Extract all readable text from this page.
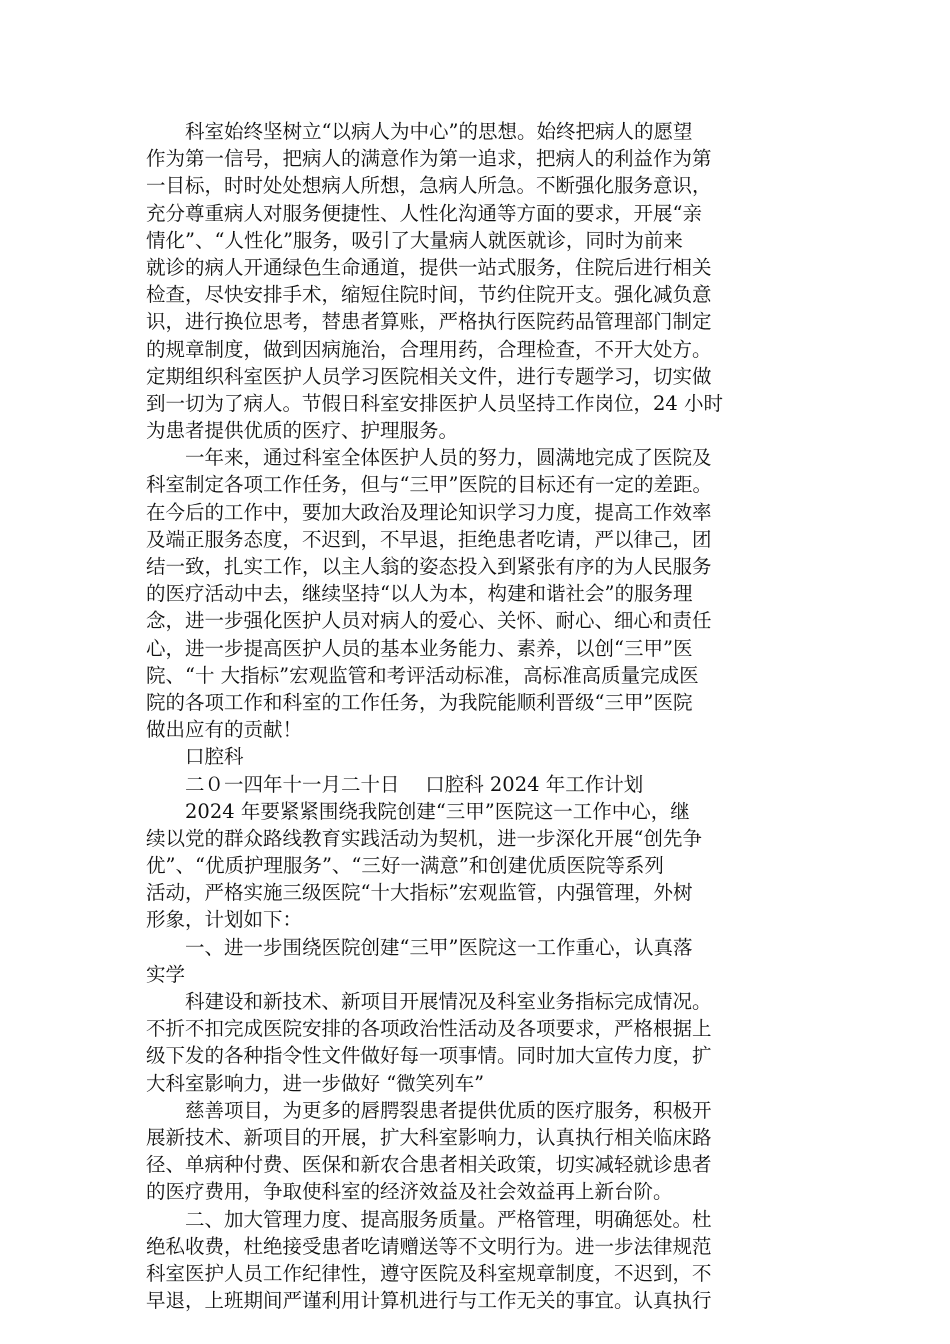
　　科室始终坚树立“以病人为中心”的思想。始终把病人的愿望
作为第一信号，把病人的满意作为第一追求，把病人的利益作为第
一目标，时时处处想病人所想，急病人所急。不断强化服务意识，
充分尊重病人对服务便捷性、人性化沟通等方面的要求，开展“亲
情化”、“人性化”服务，吸引了大量病人就医就诊，同时为前来
就诊的病人开通绿色生命通道，提供一站式服务，住院后进行相关
检查，尽快安排手术，缩短住院时间，节约住院开支。强化减负意
识，进行换位思考，替患者算账，严格执行医院药品管理部门制定
的规章制度，做到因病施治，合理用药，合理检查，不开大处方。
定期组织科室医护人员学习医院相关文件，进行专题学习，切实做
到一切为了病人。节假日科室安排医护人员坚持工作岗位，24 小时
为患者提供优质的医疗、护理服务。
　　一年来，通过科室全体医护人员的努力，圆满地完成了医院及
科室制定各项工作任务，但与“三甲”医院的目标还有一定的差距。
在今后的工作中，要加大政治及理论知识学习力度，提高工作效率
及端正服务态度，不迟到，不早退，拒绝患者吃请，严以律己，团
结一致，扎实工作，以主人翁的姿态投入到紧张有序的为人民服务
的医疗活动中去，继续坚持“以人为本，构建和谐社会”的服务理
念，进一步强化医护人员对病人的爱心、关怀、耐心、细心和责任
心，进一步提高医护人员的基本业务能力、素养，以创“三甲”医
院、“十 大指标”宏观监管和考评活动标准，高标准高质量完成医
院的各项工作和科室的工作任务，为我院能顺利晋级“三甲”医院
做出应有的贡献！
　　口腔科
　　二０一四年十一月二十日　 口腔科 2024 年工作计划
　　2024 年要紧紧围绕我院创建“三甲”医院这一工作中心，继
续以党的群众路线教育实践活动为契机，进一步深化开展“创先争
优”、“优质护理服务”、“三好一满意”和创建优质医院等系列
活动，严格实施三级医院“十大指标”宏观监管，内强管理，外树
形象，计划如下：
　　一、进一步围绕医院创建“三甲”医院这一工作重心，认真落
实学
　　科建设和新技术、新项目开展情况及科室业务指标完成情况。
不折不扣完成医院安排的各项政治性活动及各项要求，严格根据上
级下发的各种指令性文件做好每一项事情。同时加大宣传力度，扩
大科室影响力，进一步做好 “微笑列车”
　　慈善项目，为更多的唇腭裂患者提供优质的医疗服务，积极开
展新技术、新项目的开展，扩大科室影响力，认真执行相关临床路
径、单病种付费、医保和新农合患者相关政策，切实减轻就诊患者
的医疗费用，争取使科室的经济效益及社会效益再上新台阶。
　　二、加大管理力度、提高服务质量。严格管理，明确惩处。杜
绝私收费，杜绝接受患者吃请赠送等不文明行为。进一步法律规范
科室医护人员工作纪律性，遵守医院及科室规章制度，不迟到，不
早退，上班期间严谨利用计算机进行与工作无关的事宜。认真执行
